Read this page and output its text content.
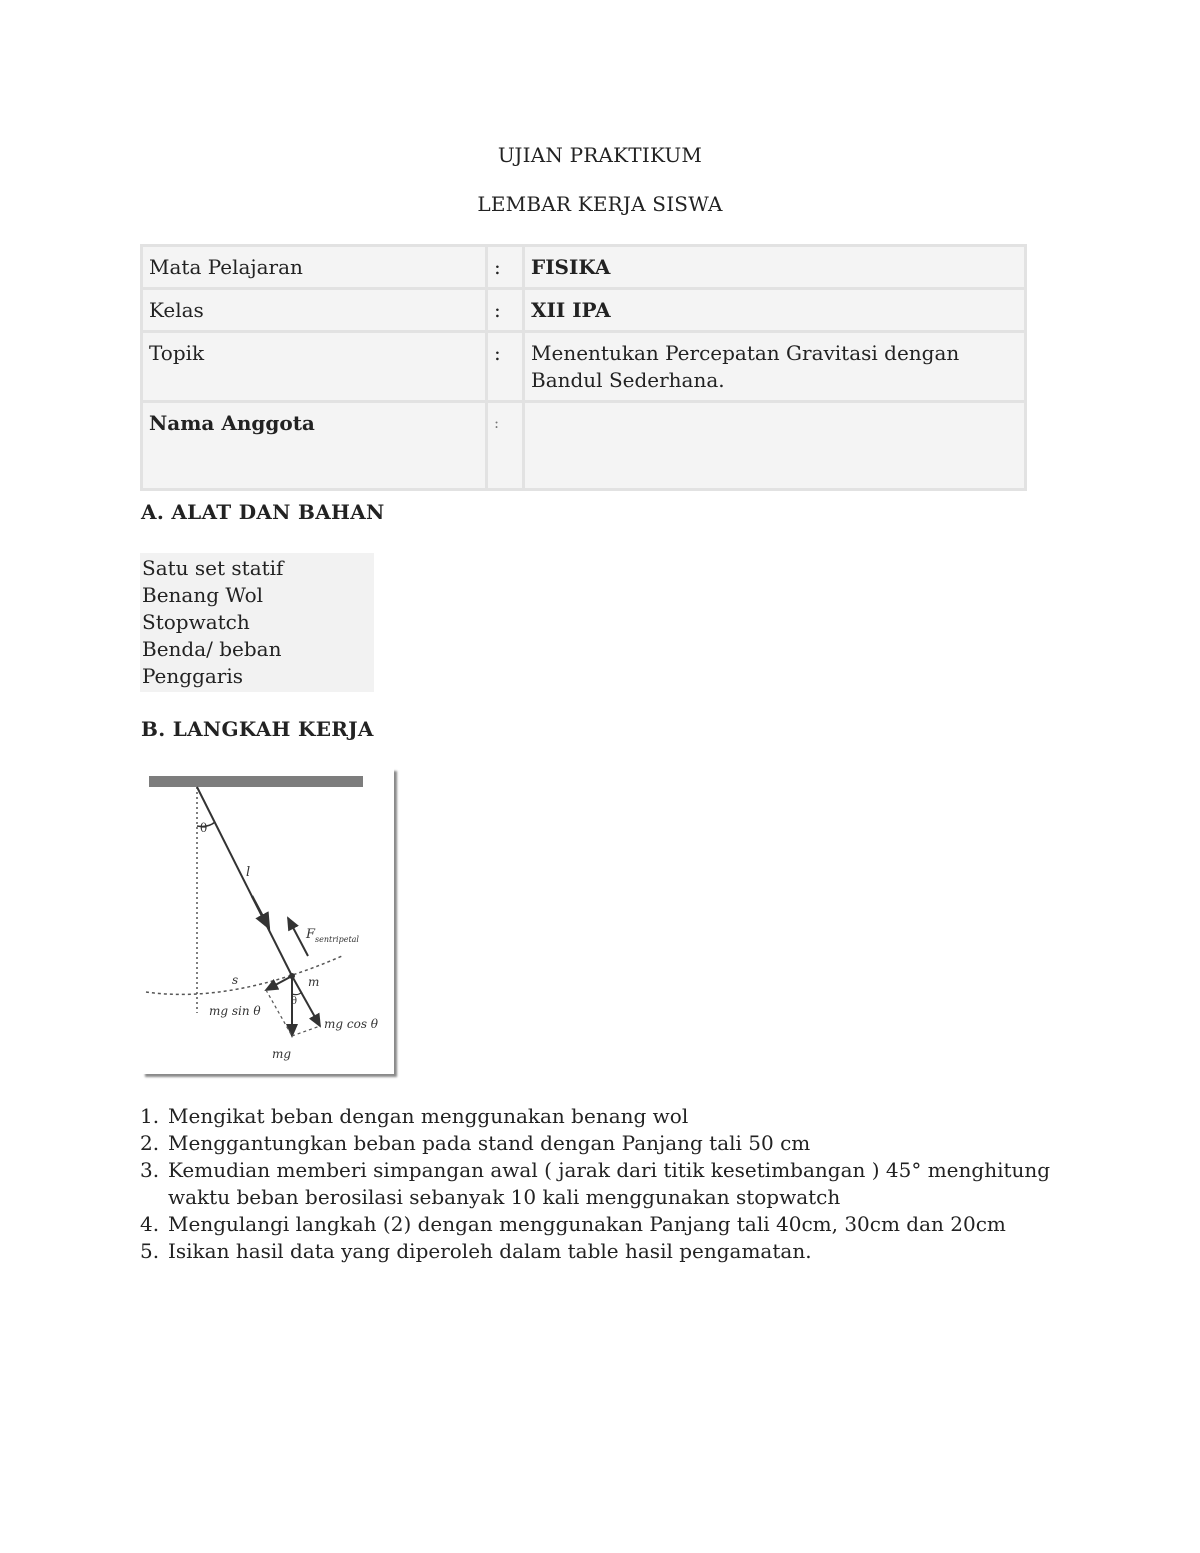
UJIAN PRAKTIKUM
LEMBAR KERJA SISWA
Mata Pelajaran	:	FISIKA
Kelas	:	XII IPA
Topik	:	Menentukan Percepatan Gravitasi dengan Bandul Sederhana.
Nama Anggota	:	
A. ALAT DAN BAHAN
Satu set statif
Benang Wol
Stopwatch
Benda/ beban
Penggaris
B. LANGKAH KERJA
θ
l
F sentripetal
s	m
θ
mg sin θ
mg cos θ
mg
1. Mengikat beban dengan menggunakan benang wol
2. Menggantungkan beban pada stand dengan Panjang tali 50 cm
3. Kemudian memberi simpangan awal ( jarak dari titik kesetimbangan ) 45° menghitung waktu beban berosilasi sebanyak 10 kali menggunakan stopwatch
4. Mengulangi langkah (2) dengan menggunakan Panjang tali 40cm, 30cm dan 20cm
5. Isikan hasil data yang diperoleh dalam table hasil pengamatan.
